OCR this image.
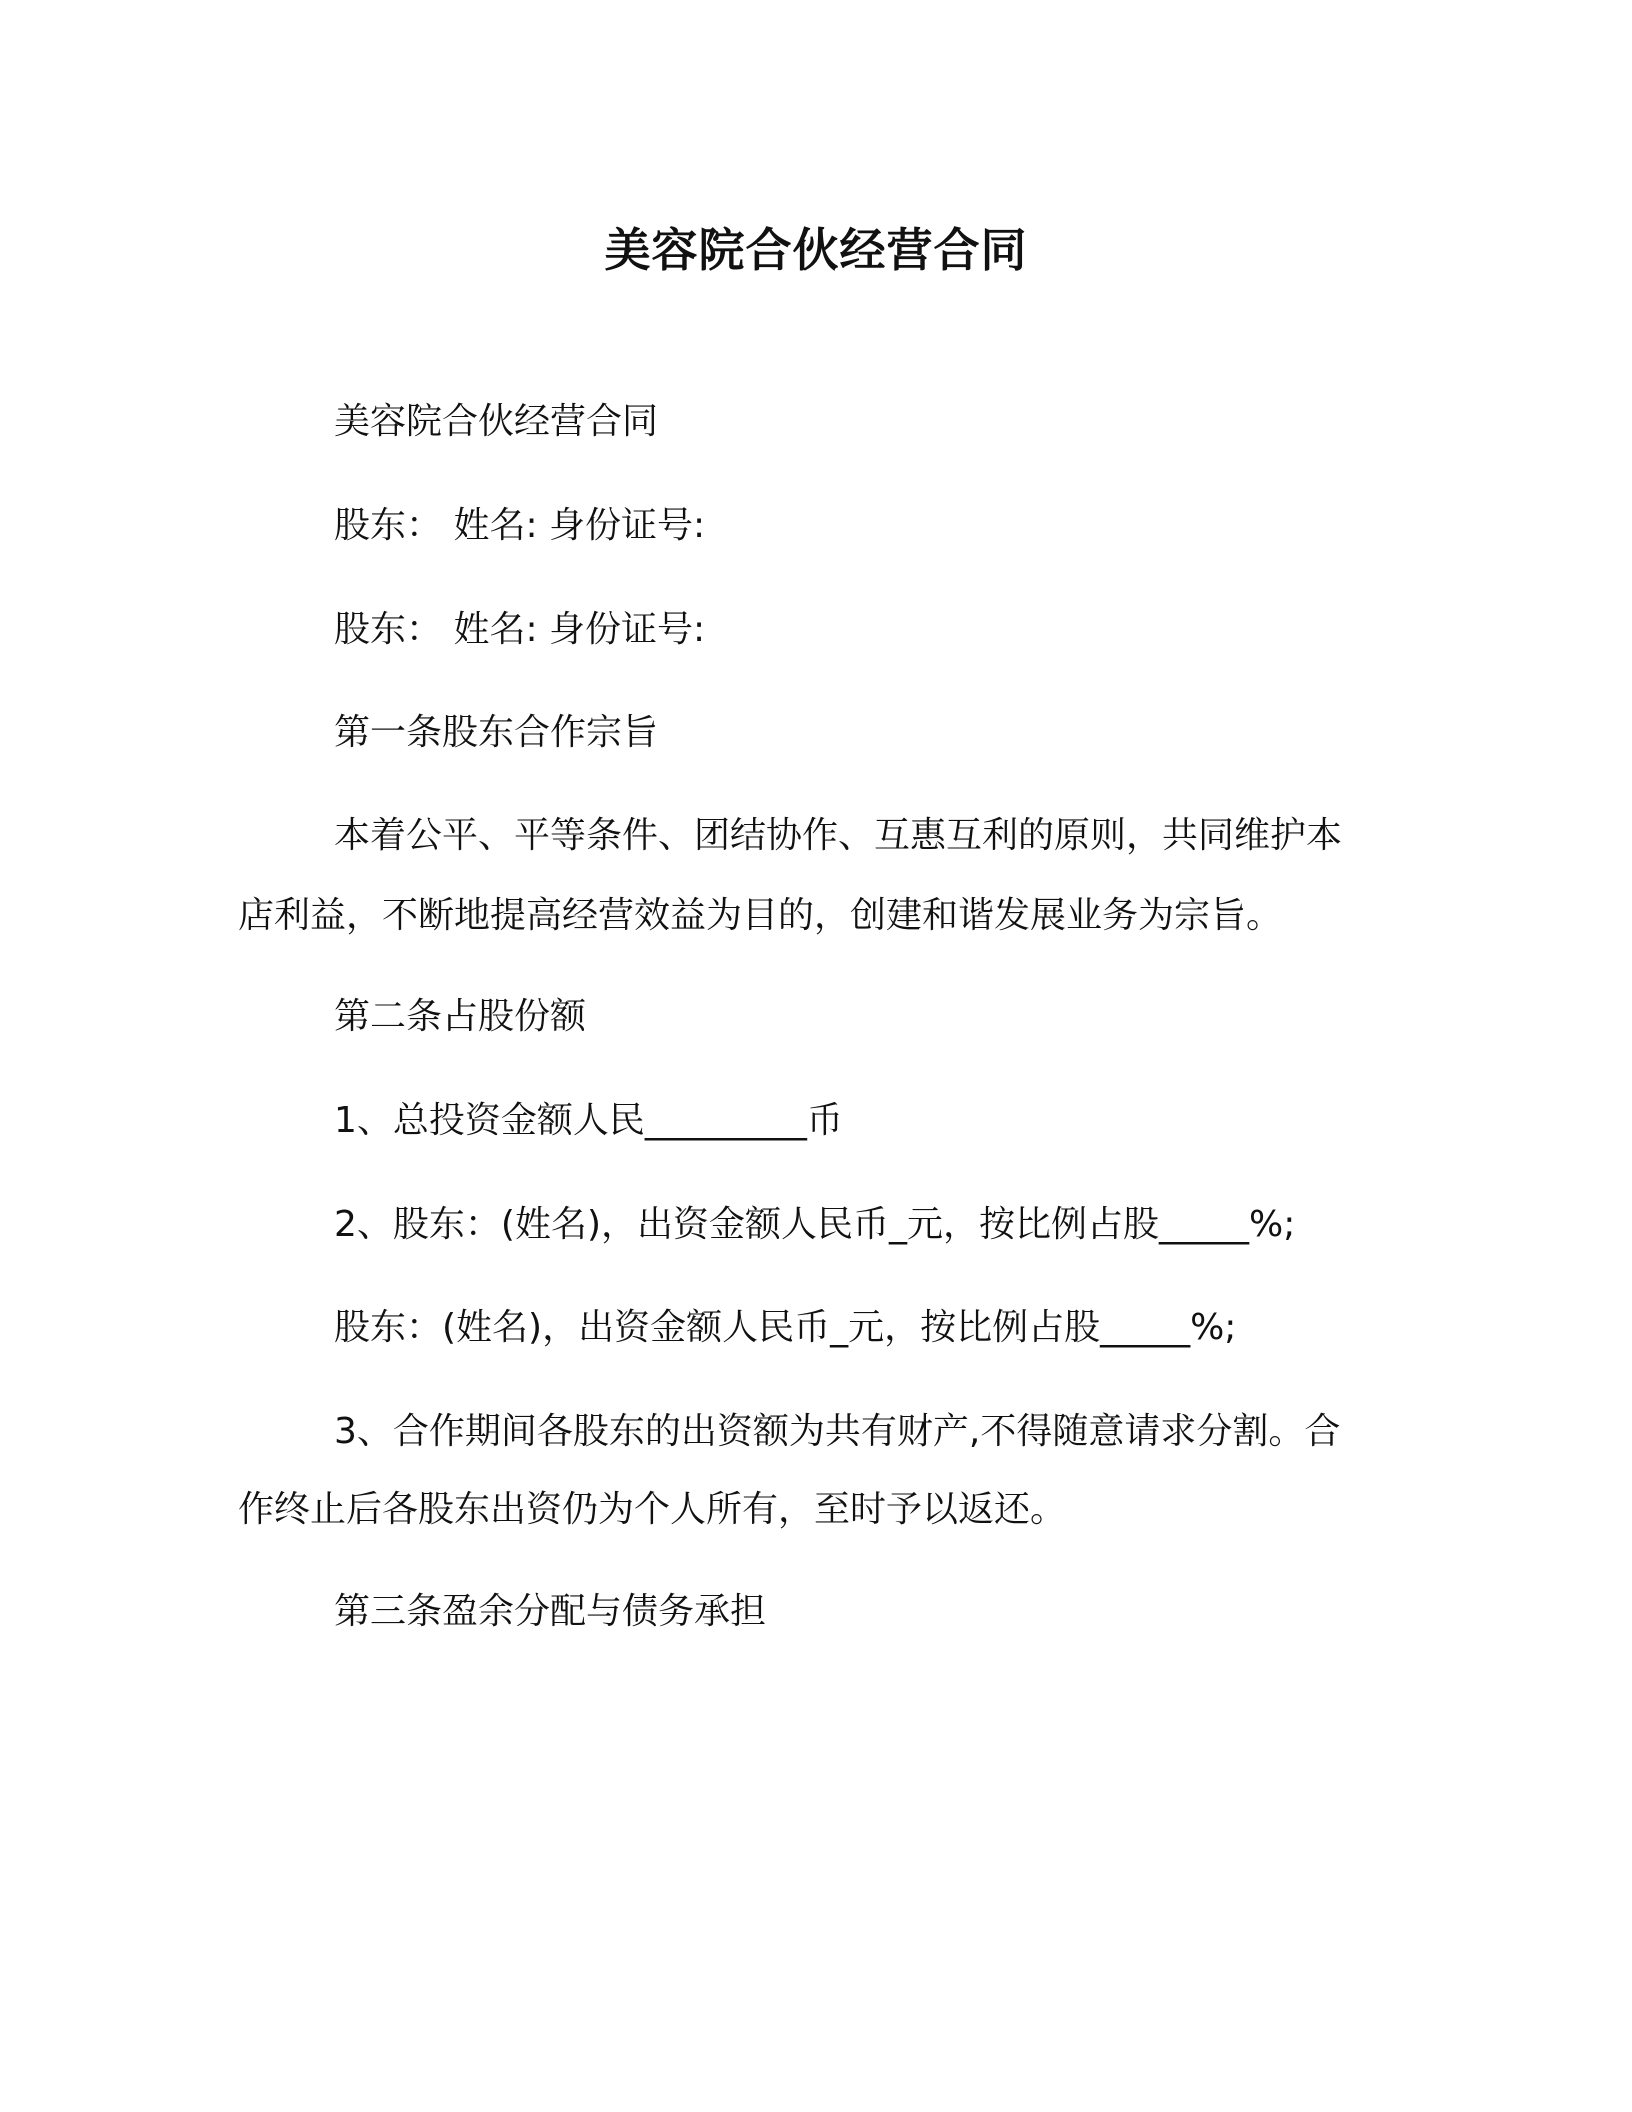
美容院合伙经营合同
美容院合伙经营合同
股东： 姓名: 身份证号:
股东： 姓名: 身份证号:
第一条股东合作宗旨
本着公平、平等条件、团结协作、互惠互利的原则，共同维护本
店利益，不断地提高经营效益为目的，创建和谐发展业务为宗旨。
第二条占股份额
1、总投资金额人民_________币
2、股东：(姓名)，出资金额人民币_元，按比例占股_____%;
股东：(姓名)，出资金额人民币_元，按比例占股_____%;
3、合作期间各股东的出资额为共有财产,不得随意请求分割。合
作终止后各股东出资仍为个人所有，至时予以返还。
第三条盈余分配与债务承担
